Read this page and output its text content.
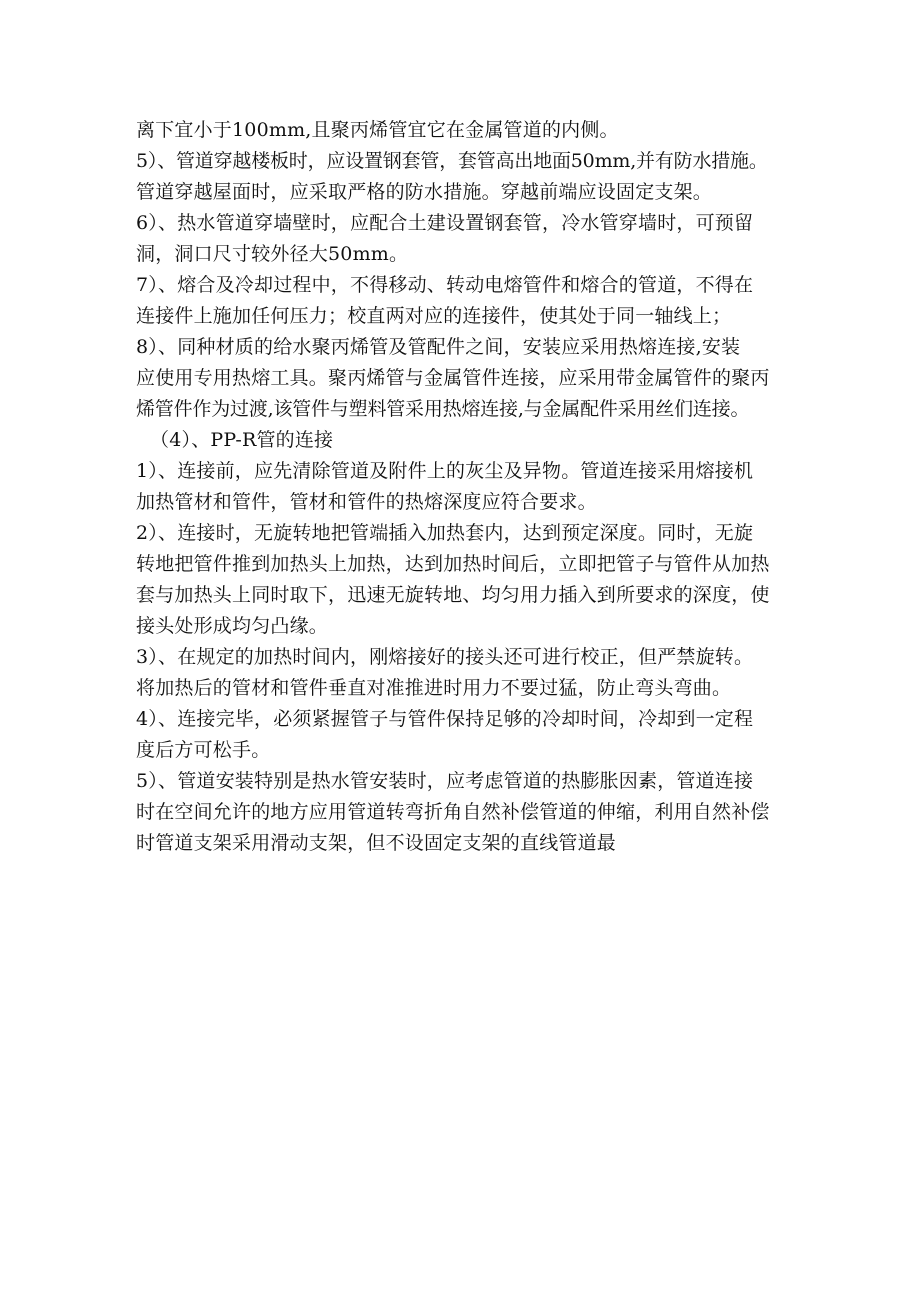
离下宜小于100mm,且聚丙烯管宜它在金属管道的内侧。
5）、管道穿越楼板时，应设置钢套管，套管高出地面50mm,并有防水措施。
管道穿越屋面时，应采取严格的防水措施。穿越前端应设固定支架。
6）、热水管道穿墙壁时，应配合土建设置钢套管，冷水管穿墙时，可预留
洞，洞口尺寸较外径大50mm。
7）、熔合及冷却过程中，不得移动、转动电熔管件和熔合的管道，不得在
连接件上施加任何压力；校直两对应的连接件，使其处于同一轴线上；
8）、同种材质的给水聚丙烯管及管配件之间，安装应采用热熔连接,安装
应使用专用热熔工具。聚丙烯管与金属管件连接，应采用带金属管件的聚丙
烯管件作为过渡,该管件与塑料管采用热熔连接,与金属配件采用丝们连接。
（4）、PP-R管的连接
1）、连接前，应先清除管道及附件上的灰尘及异物。管道连接采用熔接机
加热管材和管件，管材和管件的热熔深度应符合要求。
2）、连接时，无旋转地把管端插入加热套内，达到预定深度。同时，无旋
转地把管件推到加热头上加热，达到加热时间后，立即把管子与管件从加热
套与加热头上同时取下，迅速无旋转地、均匀用力插入到所要求的深度，使
接头处形成均匀凸缘。
3）、在规定的加热时间内，刚熔接好的接头还可进行校正，但严禁旋转。
将加热后的管材和管件垂直对准推进时用力不要过猛，防止弯头弯曲。
4）、连接完毕，必须紧握管子与管件保持足够的冷却时间，冷却到一定程
度后方可松手。
5）、管道安装特别是热水管安装时，应考虑管道的热膨胀因素，管道连接
时在空间允许的地方应用管道转弯折角自然补偿管道的伸缩，利用自然补偿
时管道支架采用滑动支架，但不设固定支架的直线管道最
